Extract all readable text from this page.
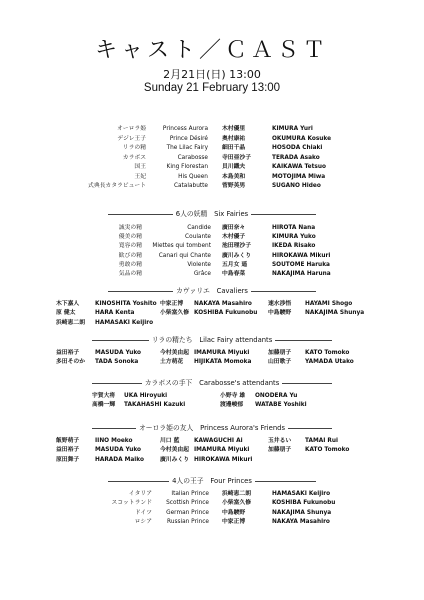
キャスト／ＣＡＳＴ
2月21日(日) 13:00
Sunday 21 February 13:00
オーロラ姫	Princess Aurora 木村優里	KIMURA Yuri
デジレ王子	Prince Désiré 奥村康祐	OKUMURA Kosuke
リラの精	The Lilac Fairy 細田千晶	HOSODA Chiaki
カラボス	Carabosse 寺田亜沙子	TERADA Asako
国王	King Florestan 貝川鐵夫	KAIKAWA Tetsuo
王妃	His Queen 本島美和	MOTOJIMA Miwa
式典長カタラビュート	Catalabutte 菅野英男	SUGANO Hideo
6人の妖精　Six Fairies
誠実の精	Candide 廣田奈々	HIROTA Nana
優美の精	Coulante 木村優子	KIMURA Yuko
寛容の精	Miettes qui tombent 池田理沙子	IKEDA Risako
歓びの精	Canari qui Chante 廣川みくり	HIROKAWA Mikuri
勇敢の精	Violente 五月女 遥	SOUTOME Haruka
気品の精	Grâce 中島春菜	NAKAJIMA Haruna
カヴァリエ　Cavaliers
木下嘉人	KINOSHITA Yoshito 中家正博 NAKAYA Masahiro	速水渉悟 HAYAMI Shogo
原 健太	HARA Kenta	小柴富久修 KOSHIBA Fukunobu 中島駿野 NAKAJIMA Shunya
浜崎恵二朗 HAMASAKI Keijiro
リラの精たち　Lilac Fairy attendants
益田裕子	MASUDA Yuko	今村美由起 IMAMURA Miyuki	加藤朋子 KATO Tomoko
多田そのか TADA Sonoka	土方萌花 HIJIKATA Momoka	山田歌子 YAMADA Utako
カラボスの手下　Carabosse's attendants
宇賀大将 UKA Hiroyuki	小野寺 雄 ONODERA Yu
髙橋一輝 TAKAHASHI Kazuki	渡邊峻郁 WATABE Yoshiki
オーロラ姫の友人　Princess Aurora's Friends
飯野萌子	IINO Moeko	川口 藍	KAWAGUCHI Ai	玉井るい TAMAI Rui
益田裕子	MASUDA Yuko	今村美由起 IMAMURA Miyuki	加藤朋子 KATO Tomoko
原田舞子	HARADA Maiko	廣川みくり HIROKAWA Mikuri
4人の王子　Four Princes
イタリア	Italian Prince 浜崎恵二朗	HAMASAKI Keijiro
スコットランド	Scottish Prince 小柴富久修	KOSHIBA Fukunobu
ドイツ	German Prince 中島駿野	NAKAJIMA Shunya
ロシア	Russian Prince 中家正博	NAKAYA Masahiro
